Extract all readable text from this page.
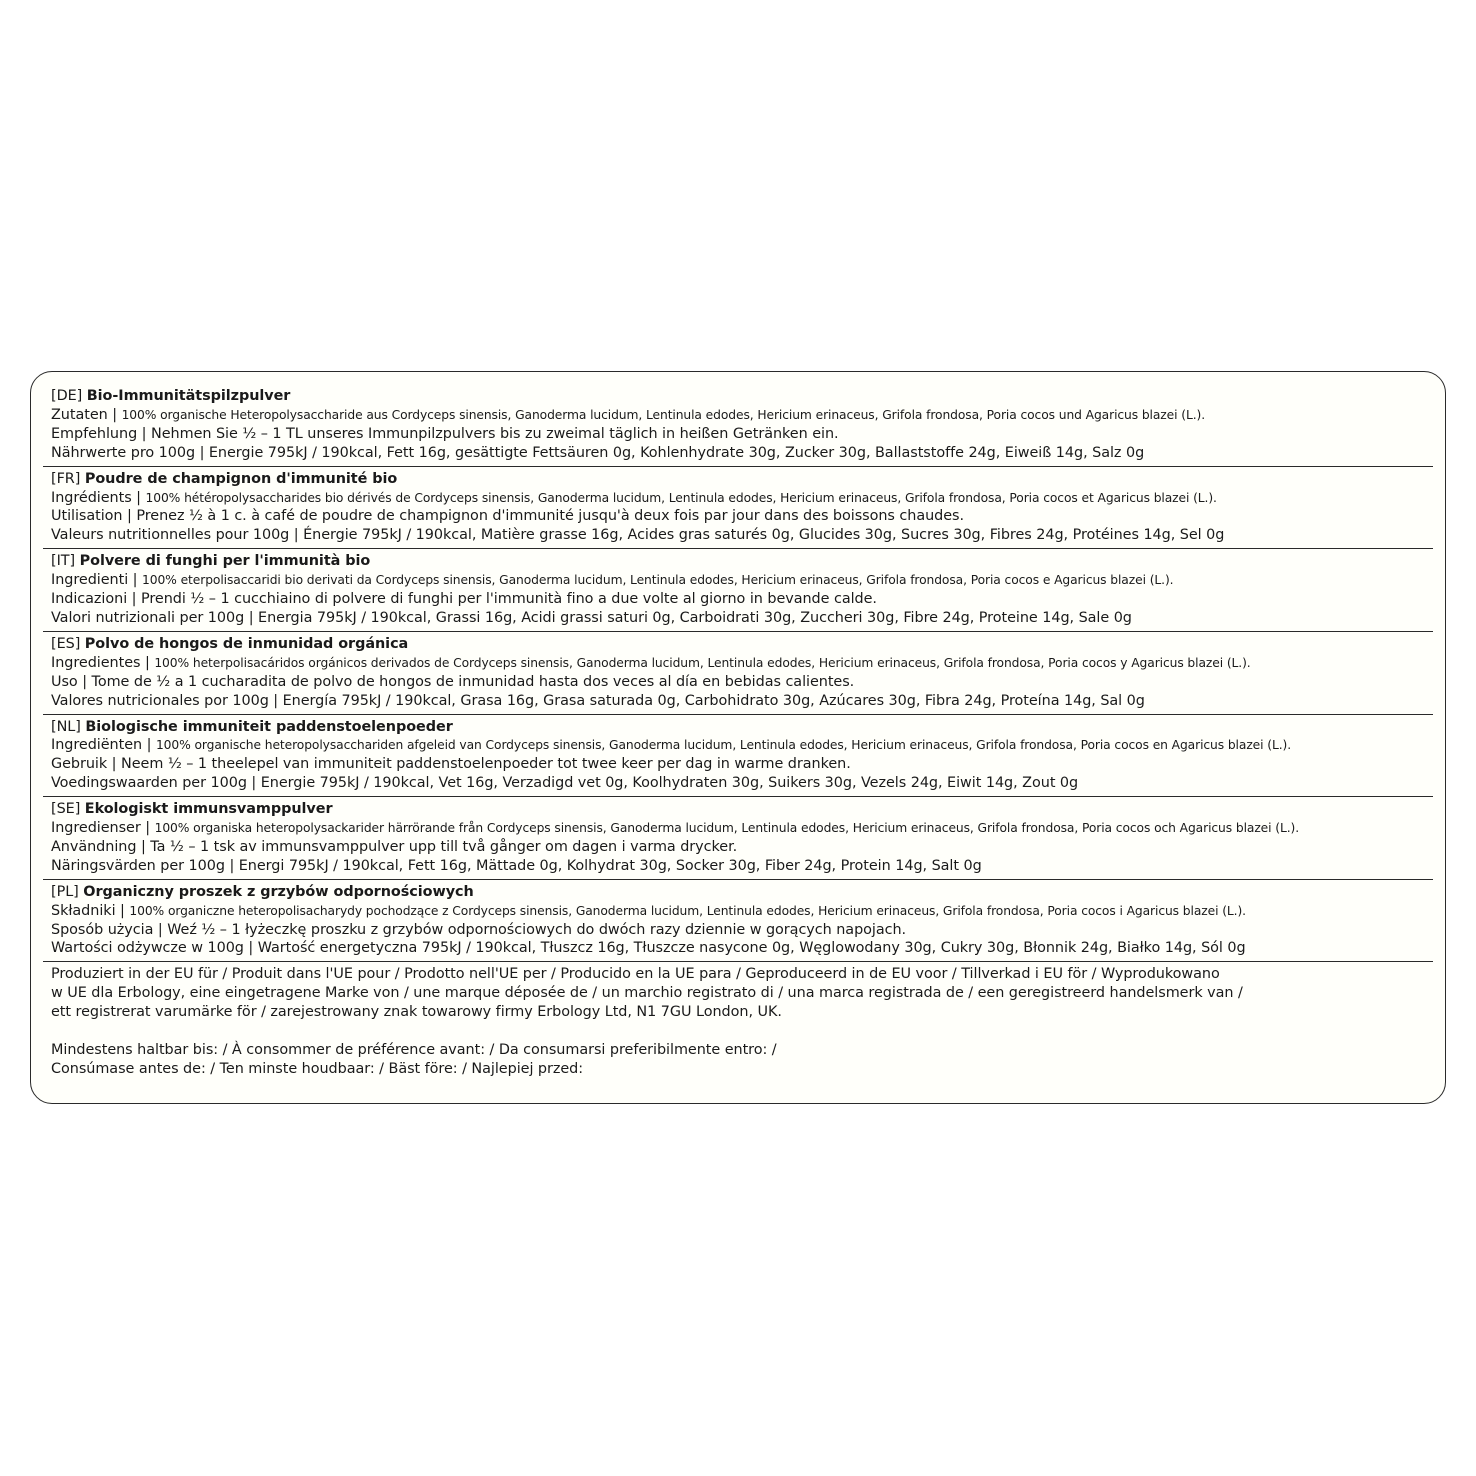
[DE] Bio-Immunitätspilzpulver
Zutaten | 100% organische Heteropolysaccharide aus Cordyceps sinensis, Ganoderma lucidum, Lentinula edodes, Hericium erinaceus, Grifola frondosa, Poria cocos und Agaricus blazei (L.).
Empfehlung | Nehmen Sie ½ – 1 TL unseres Immunpilzpulvers bis zu zweimal täglich in heißen Getränken ein.
Nährwerte pro 100g | Energie 795kJ / 190kcal, Fett 16g, gesättigte Fettsäuren 0g, Kohlenhydrate 30g, Zucker 30g, Ballaststoffe 24g, Eiweiß 14g, Salz 0g
[FR] Poudre de champignon d'immunité bio
Ingrédients | 100% hétéropolysaccharides bio dérivés de Cordyceps sinensis, Ganoderma lucidum, Lentinula edodes, Hericium erinaceus, Grifola frondosa, Poria cocos et Agaricus blazei (L.).
Utilisation | Prenez ½ à 1 c. à café de poudre de champignon d'immunité jusqu'à deux fois par jour dans des boissons chaudes.
Valeurs nutritionnelles pour 100g | Énergie 795kJ / 190kcal, Matière grasse 16g, Acides gras saturés 0g, Glucides 30g, Sucres 30g, Fibres 24g, Protéines 14g, Sel 0g
[IT] Polvere di funghi per l'immunità bio
Ingredienti | 100% eterpolisaccaridi bio derivati da Cordyceps sinensis, Ganoderma lucidum, Lentinula edodes, Hericium erinaceus, Grifola frondosa, Poria cocos e Agaricus blazei (L.).
Indicazioni | Prendi ½ – 1 cucchiaino di polvere di funghi per l'immunità fino a due volte al giorno in bevande calde.
Valori nutrizionali per 100g | Energia 795kJ / 190kcal, Grassi 16g, Acidi grassi saturi 0g, Carboidrati 30g, Zuccheri 30g, Fibre 24g, Proteine 14g, Sale 0g
[ES] Polvo de hongos de inmunidad orgánica
Ingredientes | 100% heterpolisacáridos orgánicos derivados de Cordyceps sinensis, Ganoderma lucidum, Lentinula edodes, Hericium erinaceus, Grifola frondosa, Poria cocos y Agaricus blazei (L.).
Uso | Tome de ½ a 1 cucharadita de polvo de hongos de inmunidad hasta dos veces al día en bebidas calientes.
Valores nutricionales por 100g | Energía 795kJ / 190kcal, Grasa 16g, Grasa saturada 0g, Carbohidrato 30g, Azúcares 30g, Fibra 24g, Proteína 14g, Sal 0g
[NL] Biologische immuniteit paddenstoelenpoeder
Ingrediënten | 100% organische heteropolysacchariden afgeleid van Cordyceps sinensis, Ganoderma lucidum, Lentinula edodes, Hericium erinaceus, Grifola frondosa, Poria cocos en Agaricus blazei (L.).
Gebruik | Neem ½ – 1 theelepel van immuniteit paddenstoelenpoeder tot twee keer per dag in warme dranken.
Voedingswaarden per 100g | Energie 795kJ / 190kcal, Vet 16g, Verzadigd vet 0g, Koolhydraten 30g, Suikers 30g, Vezels 24g, Eiwit 14g, Zout 0g
[SE] Ekologiskt immunsvamppulver
Ingredienser | 100% organiska heteropolysackarider härrörande från Cordyceps sinensis, Ganoderma lucidum, Lentinula edodes, Hericium erinaceus, Grifola frondosa, Poria cocos och Agaricus blazei (L.).
Användning | Ta ½ – 1 tsk av immunsvamppulver upp till två gånger om dagen i varma drycker.
Näringsvärden per 100g | Energi 795kJ / 190kcal, Fett 16g, Mättade 0g, Kolhydrat 30g, Socker 30g, Fiber 24g, Protein 14g, Salt 0g
[PL] Organiczny proszek z grzybów odpornościowych
Składniki | 100% organiczne heteropolisacharydy pochodzące z Cordyceps sinensis, Ganoderma lucidum, Lentinula edodes, Hericium erinaceus, Grifola frondosa, Poria cocos i Agaricus blazei (L.).
Sposób użycia | Weź ½ – 1 łyżeczkę proszku z grzybów odpornościowych do dwóch razy dziennie w gorących napojach.
Wartości odżywcze w 100g | Wartość energetyczna 795kJ / 190kcal, Tłuszcz 16g, Tłuszcze nasycone 0g, Węglowodany 30g, Cukry 30g, Błonnik 24g, Białko 14g, Sól 0g
Produziert in der EU für / Produit dans l'UE pour / Prodotto nell'UE per / Producido en la UE para / Geproduceerd in de EU voor / Tillverkad i EU för / Wyprodukowano
w UE dla Erbology, eine eingetragene Marke von / une marque déposée de / un marchio registrato di / una marca registrada de / een geregistreerd handelsmerk van /
ett registrerat varumärke för / zarejestrowany znak towarowy firmy Erbology Ltd, N1 7GU London, UK.
Mindestens haltbar bis: / À consommer de préférence avant: / Da consumarsi preferibilmente entro: /
Consúmase antes de: / Ten minste houdbaar: / Bäst före: / Najlepiej przed:
